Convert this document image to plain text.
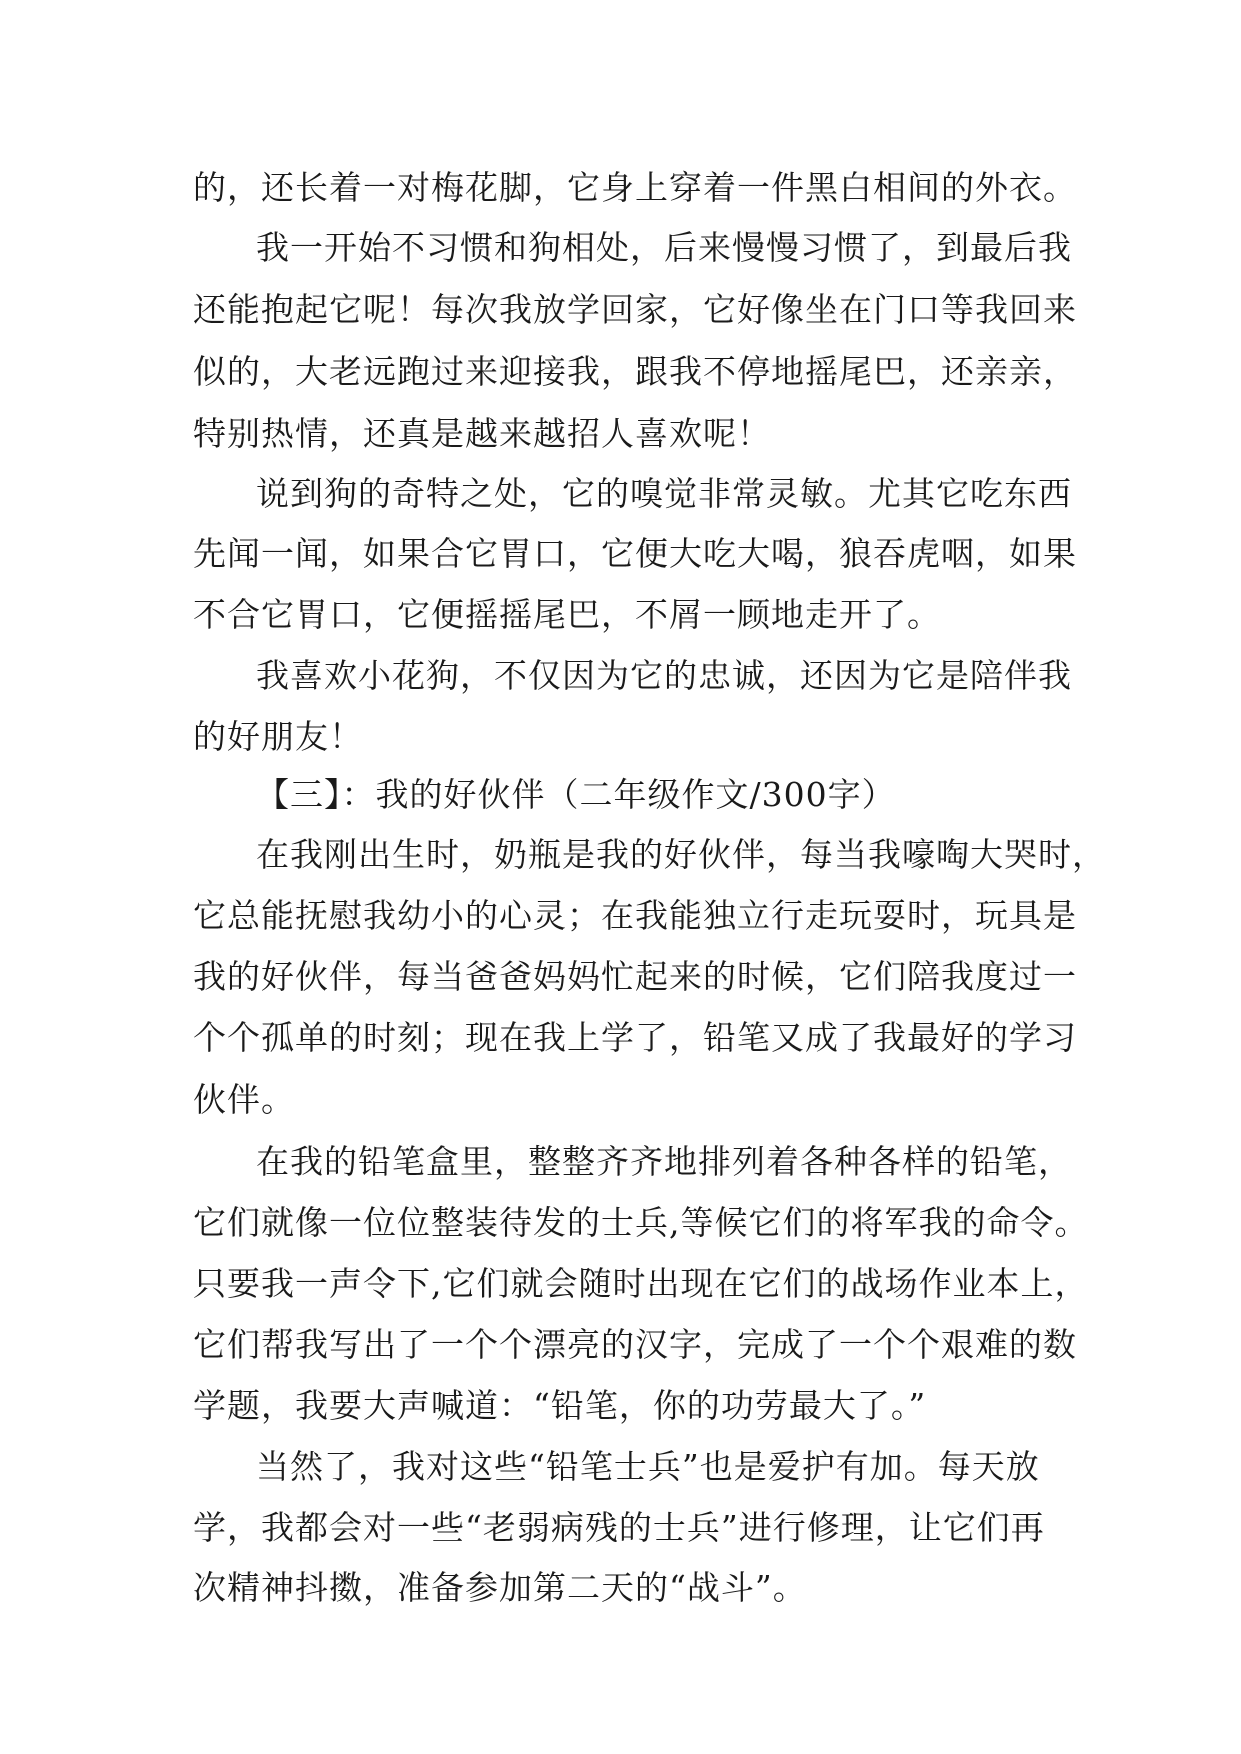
的，还长着一对梅花脚，它身上穿着一件黑白相间的外衣。
我一开始不习惯和狗相处，后来慢慢习惯了，到最后我
还能抱起它呢！每次我放学回家，它好像坐在门口等我回来
似的，大老远跑过来迎接我，跟我不停地摇尾巴，还亲亲，
特别热情，还真是越来越招人喜欢呢！
说到狗的奇特之处，它的嗅觉非常灵敏。尤其它吃东西
先闻一闻，如果合它胃口，它便大吃大喝，狼吞虎咽，如果
不合它胃口，它便摇摇尾巴，不屑一顾地走开了。
我喜欢小花狗，不仅因为它的忠诚，还因为它是陪伴我
的好朋友！
【三】：我的好伙伴（二年级作文/300字）
在我刚出生时，奶瓶是我的好伙伴，每当我嚎啕大哭时，
它总能抚慰我幼小的心灵；在我能独立行走玩耍时，玩具是
我的好伙伴，每当爸爸妈妈忙起来的时候，它们陪我度过一
个个孤单的时刻；现在我上学了，铅笔又成了我最好的学习
伙伴。
在我的铅笔盒里，整整齐齐地排列着各种各样的铅笔，
它们就像一位位整装待发的士兵,等候它们的将军我的命令。
只要我一声令下,它们就会随时出现在它们的战场作业本上，
它们帮我写出了一个个漂亮的汉字，完成了一个个艰难的数
学题，我要大声喊道：“铅笔，你的功劳最大了。”
当然了，我对这些“铅笔士兵”也是爱护有加。每天放
学，我都会对一些“老弱病残的士兵”进行修理，让它们再
次精神抖擞，准备参加第二天的“战斗”。
